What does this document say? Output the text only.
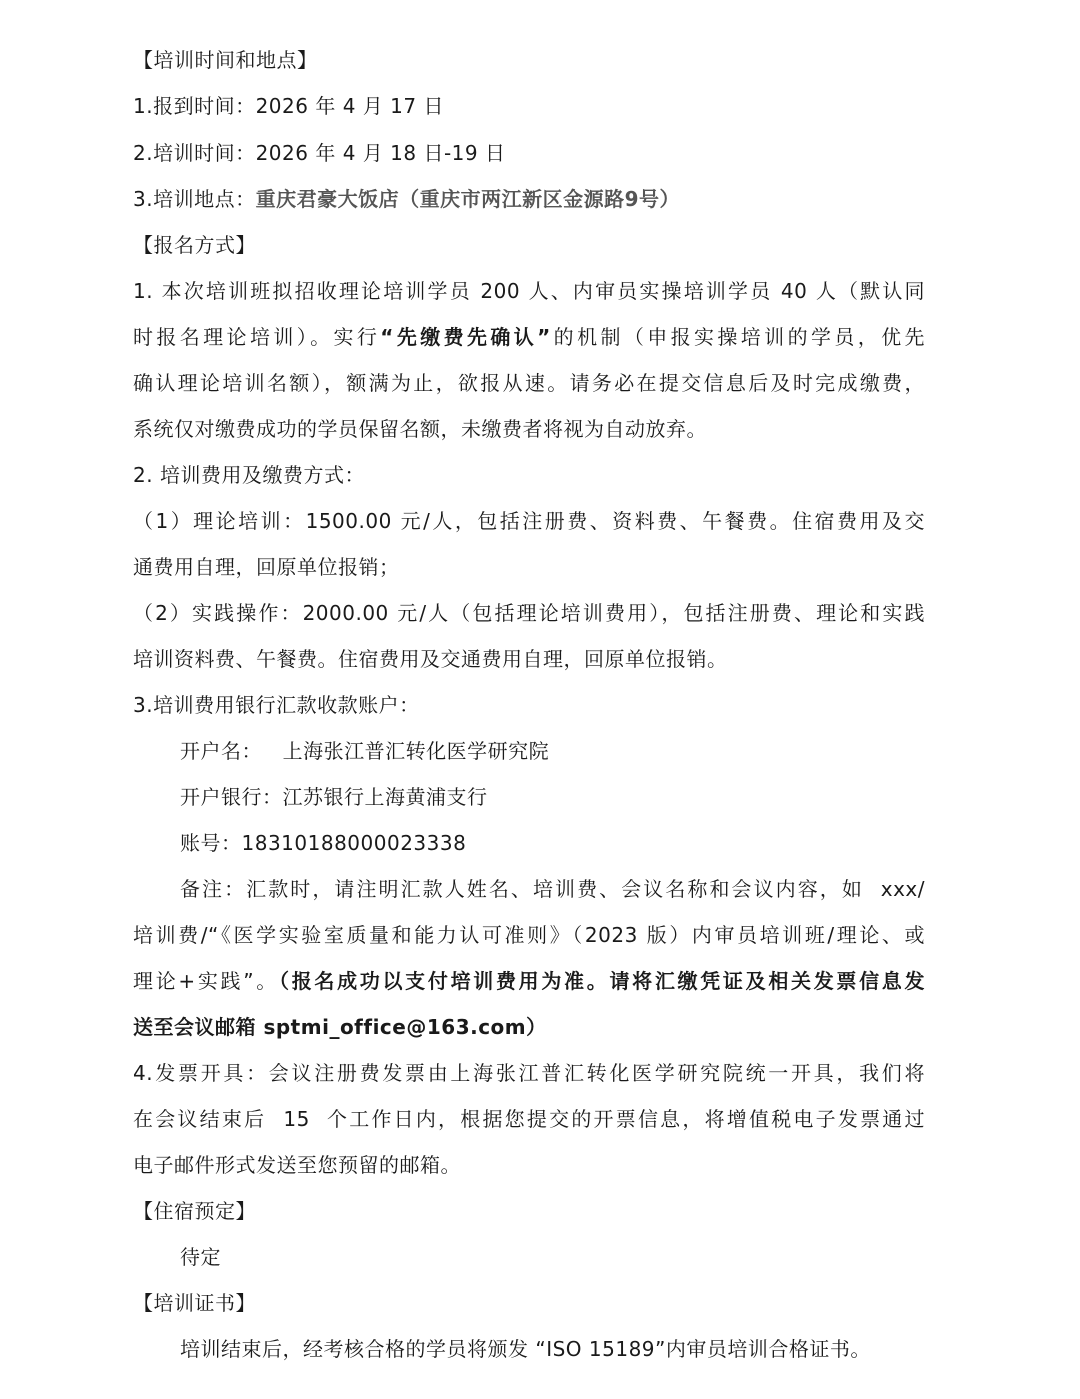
【培训时间和地点】
1.报到时间：2026 年 4 月 17 日
2.培训时间：2026 年 4 月 18 日-19 日
3.培训地点：重庆君豪大饭店（重庆市两江新区金源路9号）
【报名方式】
1. 本次培训班拟招收理论培训学员 200 人、内审员实操培训学员 40 人（默认同
时报名理论培训）。实行“先缴费先确认”的机制（申报实操培训的学员，优先
确认理论培训名额），额满为止，欲报从速。请务必在提交信息后及时完成缴费，
系统仅对缴费成功的学员保留名额，未缴费者将视为自动放弃。
2. 培训费用及缴费方式：
（1）理论培训：1500.00 元/人，包括注册费、资料费、午餐费。住宿费用及交
通费用自理，回原单位报销；
（2）实践操作：2000.00 元/人（包括理论培训费用），包括注册费、理论和实践
培训资料费、午餐费。住宿费用及交通费用自理，回原单位报销。
3.培训费用银行汇款收款账户：
开户名：   上海张江普汇转化医学研究院
开户银行：江苏银行上海黄浦支行
账号：18310188000023338
备注：汇款时，请注明汇款人姓名、培训费、会议名称和会议内容，如  xxx/
培训费/“《医学实验室质量和能力认可准则》（2023 版）内审员培训班/理论、或
理论+实践”。（报名成功以支付培训费用为准。请将汇缴凭证及相关发票信息发
送至会议邮箱 sptmi_office@163.com）
4.发票开具：会议注册费发票由上海张江普汇转化医学研究院统一开具，我们将
在会议结束后  15  个工作日内，根据您提交的开票信息，将增值税电子发票通过
电子邮件形式发送至您预留的邮箱。
【住宿预定】
待定
【培训证书】
培训结束后，经考核合格的学员将颁发 “ISO 15189”内审员培训合格证书。
